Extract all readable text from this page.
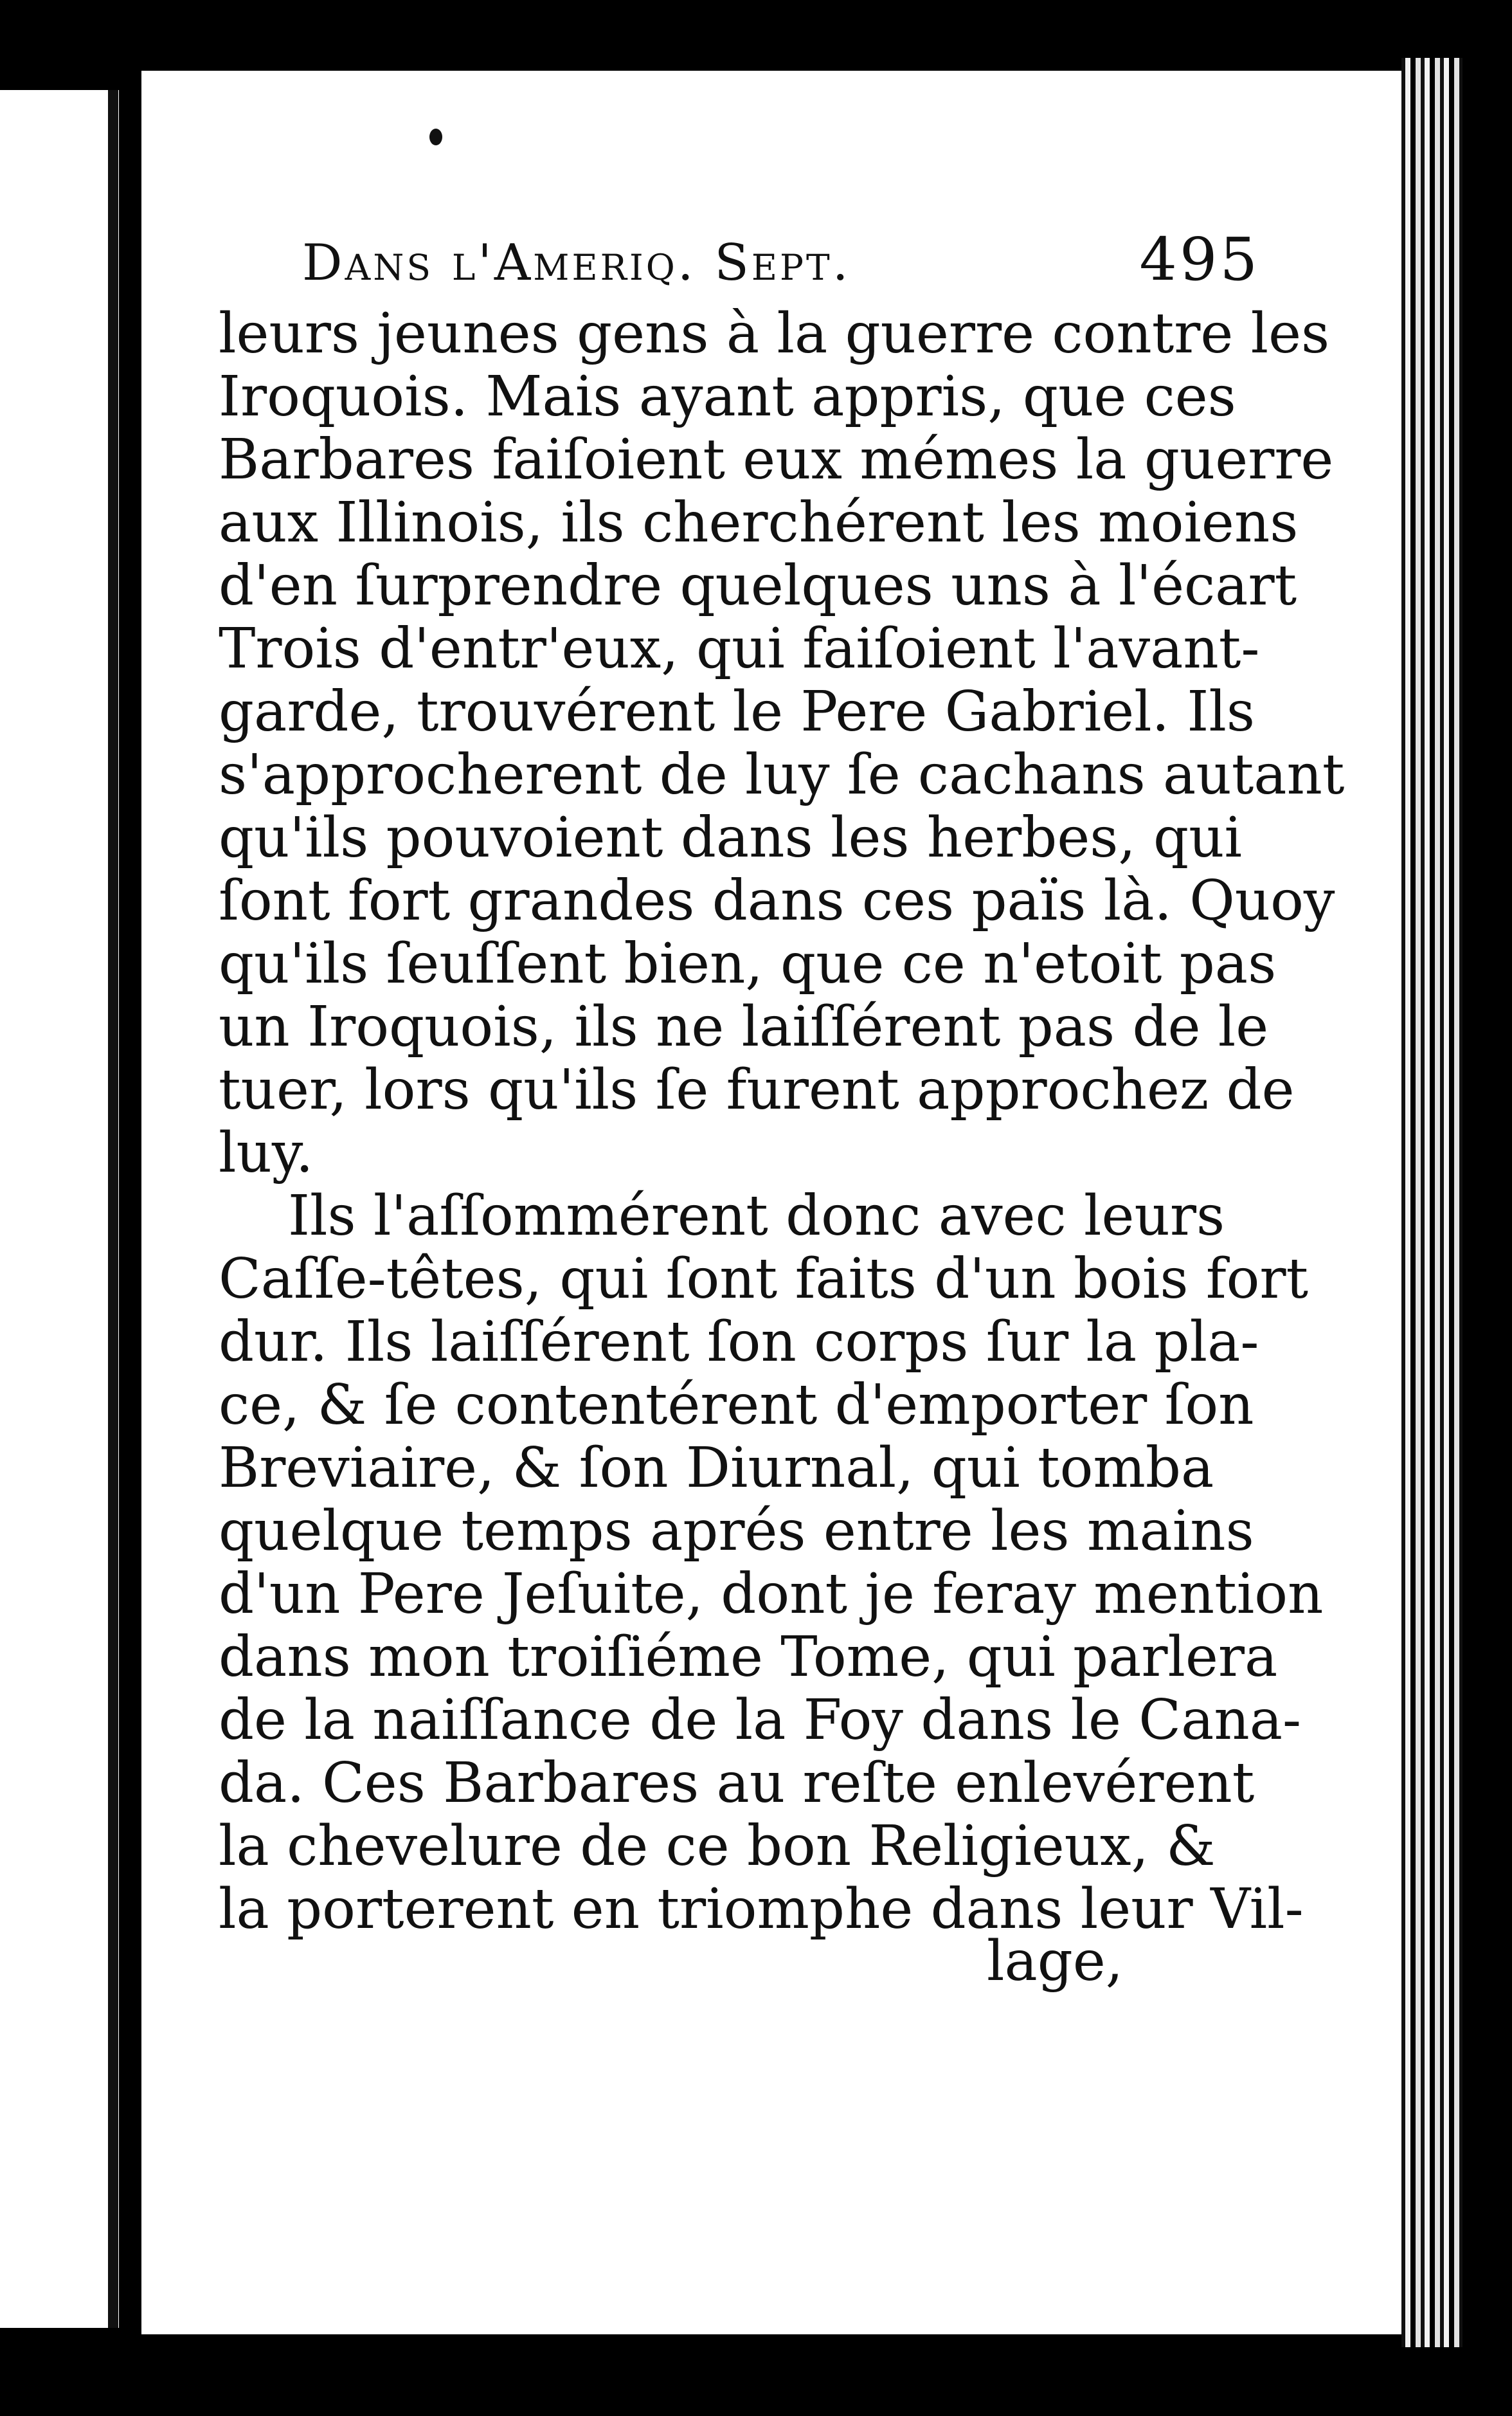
Dans l'Ameriq. Sept.	495
leurs jeunes gens à la guerre contre les
Iroquois. Mais ayant appris, que ces
Barbares faiſoient eux mémes la guerre
aux Illinois, ils cherchérent les moiens
d'en ſurprendre quelques uns à l'écart
Trois d'entr'eux, qui faiſoient l'avant-
garde, trouvérent le Pere Gabriel. Ils
s'approcherent de luy ſe cachans autant
qu'ils pouvoient dans les herbes, qui
ſont fort grandes dans ces païs là. Quoy
qu'ils ſeuſſent bien, que ce n'etoit pas
un Iroquois, ils ne laiſſérent pas de le
tuer, lors qu'ils ſe furent approchez de
luy.
Ils l'aſſommérent donc avec leurs
Caſſe-têtes, qui ſont faits d'un bois fort
dur. Ils laiſſérent ſon corps ſur la pla-
ce, & ſe contentérent d'emporter ſon
Breviaire, & ſon Diurnal, qui tomba
quelque temps aprés entre les mains
d'un Pere Jeſuite, dont je feray mention
dans mon troiſiéme Tome, qui parlera
de la naiſſance de la Foy dans le Cana-
da. Ces Barbares au reſte enlevérent
la chevelure de ce bon Religieux, &
la porterent en triomphe dans leur Vil-
lage,
